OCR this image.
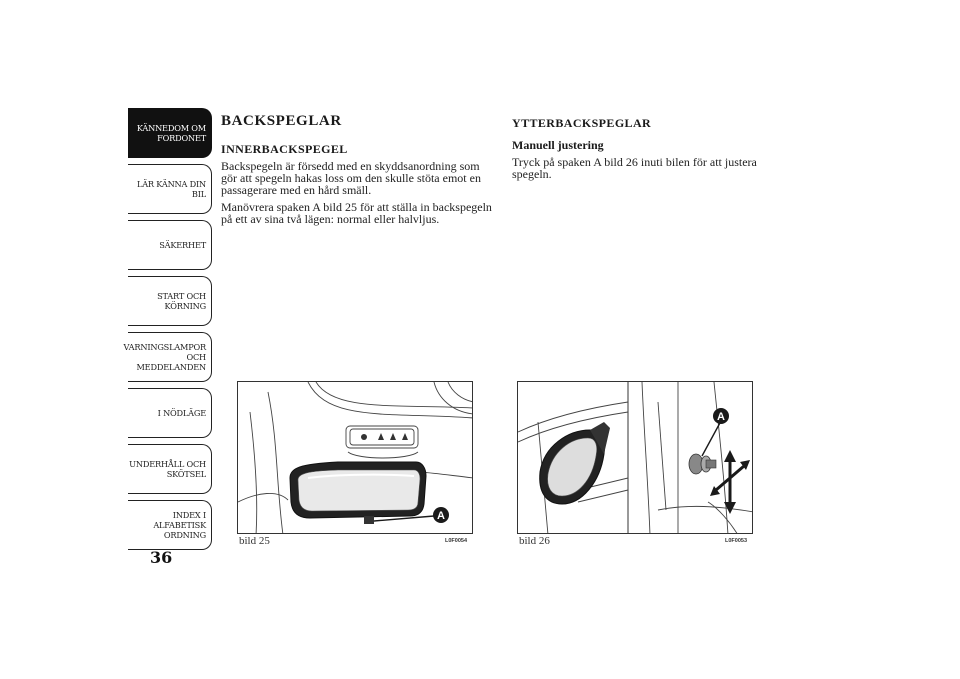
KÄNNEDOM OM
FORDONET
LÄR KÄNNA DIN
BIL
SÄKERHET
START OCH
KÖRNING
VARNINGSLAMPOR
OCH
MEDDELANDEN
I NÖDLÄGE
UNDERHÅLL OCH
SKÖTSEL
INDEX I
ALFABETISK
ORDNING
36
BACKSPEGLAR
INNERBACKSPEGEL

Backspegeln är försedd med en skyddsanordning som gör att spegeln hakas loss om den skulle stöta emot en passagerare med en hård smäll.

Manövrera spaken A bild 25 för att ställa in backspegeln på ett av sina två lägen: normal eller halvljus.

YTTERBACKSPEGLAR
Manuell justering

Tryck på spaken A bild 26 inuti bilen för att justera spegeln.

A
bild 25	L0F0054
A
bild 26	L0F0053
